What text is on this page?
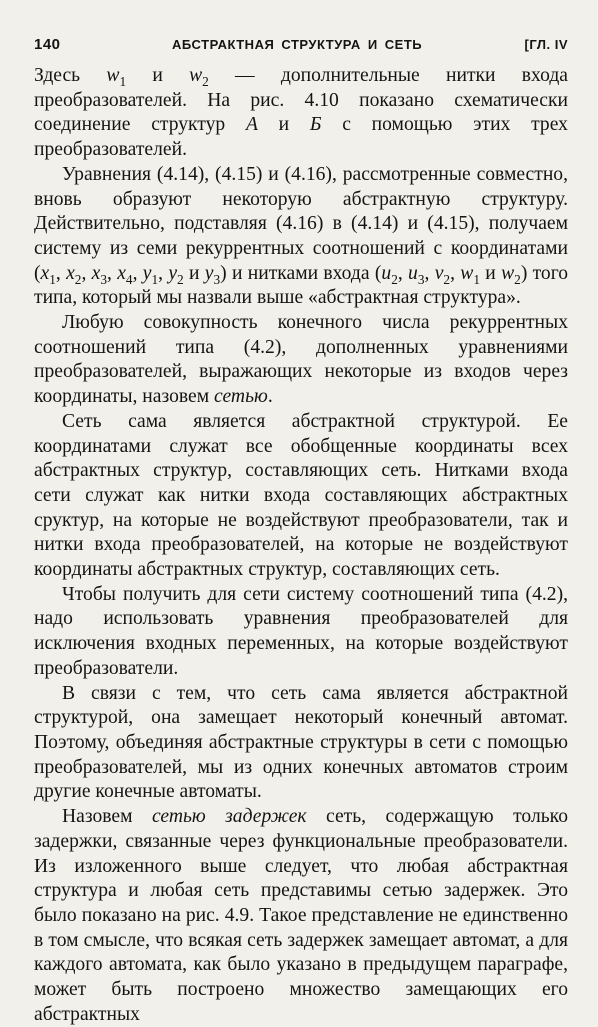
140	АБСТРАКТНАЯ СТРУКТУРА И СЕТЬ	[ГЛ. IV

Здесь $w_1$ и $w_2$ — дополнительные нитки входа преобразователей. На рис. 4.10 показано схематически соединение структур А и Б с помощью этих трех преобразователей.

Уравнения (4.14), (4.15) и (4.16), рассмотренные совместно, вновь образуют некоторую абстрактную структуру. Действительно, подставляя (4.16) в (4.14) и (4.15), получаем систему из семи рекуррентных соотношений с координатами ($x_1$, $x_2$, $x_3$, $x_4$, $y_1$, $y_2$ и $y_3$) и нитками входа ($u_2$, $u_3$, $v_2$, $w_1$ и $w_2$) того типа, который мы назвали выше «абстрактная структура».

Любую совокупность конечного числа рекуррентных соотношений типа (4.2), дополненных уравнениями преобразователей, выражающих некоторые из входов через координаты, назовем сетью.

Сеть сама является абстрактной структурой. Ее координатами служат все обобщенные координаты всех абстрактных структур, составляющих сеть. Нитками входа сети служат как нитки входа составляющих абстрактных сруктур, на которые не воздействуют преобразователи, так и нитки входа преобразователей, на которые не воздействуют координаты абстрактных структур, составляющих сеть.

Чтобы получить для сети систему соотношений типа (4.2), надо использовать уравнения преобразователей для исключения входных переменных, на которые воздействуют преобразователи.

В связи с тем, что сеть сама является абстрактной структурой, она замещает некоторый конечный автомат. Поэтому, объединяя абстрактные структуры в сети с помощью преобразователей, мы из одних конечных автоматов строим другие конечные автоматы.

Назовем сетью задержек сеть, содержащую только задержки, связанные через функциональные преобразователи. Из изложенного выше следует, что любая абстрактная структура и любая сеть представимы сетью задержек. Это было показано на рис. 4.9. Такое представление не единственно в том смысле, что всякая сеть задержек замещает автомат, а для каждого автомата, как было указано в предыдущем параграфе, может быть построено множество замещающих его абстрактных
